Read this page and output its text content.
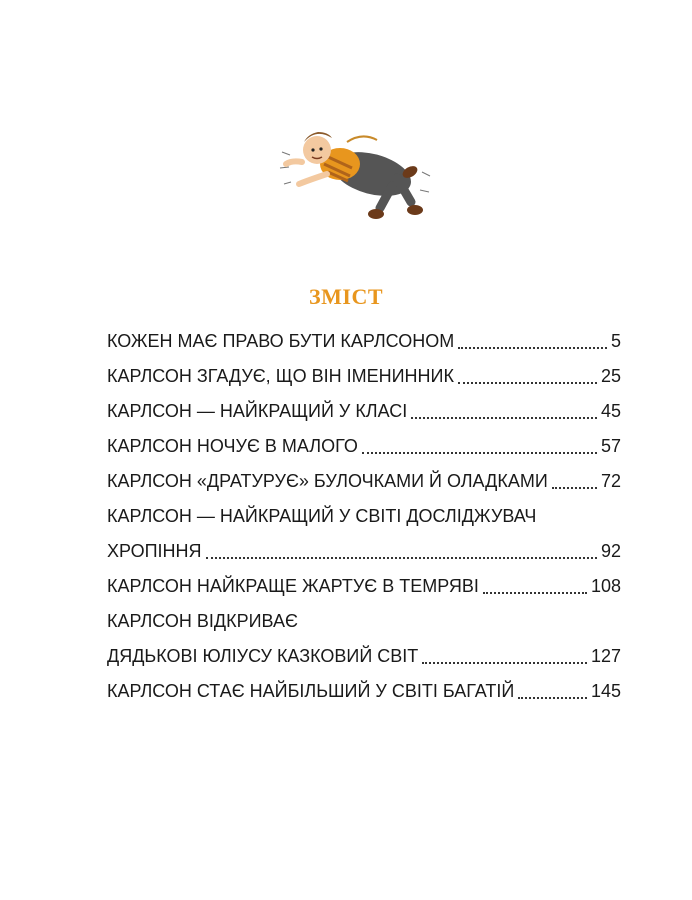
ЗМІСТ
КОЖЕН МАЄ ПРАВО БУТИ КАРЛСОНОМ	5
КАРЛСОН ЗГАДУЄ, ЩО ВІН ІМЕНИННИК	25
КАРЛСОН — НАЙКРАЩИЙ У КЛАСІ	45
КАРЛСОН НОЧУЄ В МАЛОГО	57
КАРЛСОН «ДРАТУРУЄ» БУЛОЧКАМИ Й ОЛАДКАМИ	72
КАРЛСОН — НАЙКРАЩИЙ У СВІТІ ДОСЛІДЖУВАЧ
ХРОПІННЯ	92
КАРЛСОН НАЙКРАЩЕ ЖАРТУЄ В ТЕМРЯВІ	108
КАРЛСОН ВІДКРИВАЄ
ДЯДЬКОВІ ЮЛІУСУ КАЗКОВИЙ СВІТ	127
КАРЛСОН СТАЄ НАЙБІЛЬШИЙ У СВІТІ БАГАТІЙ	145
